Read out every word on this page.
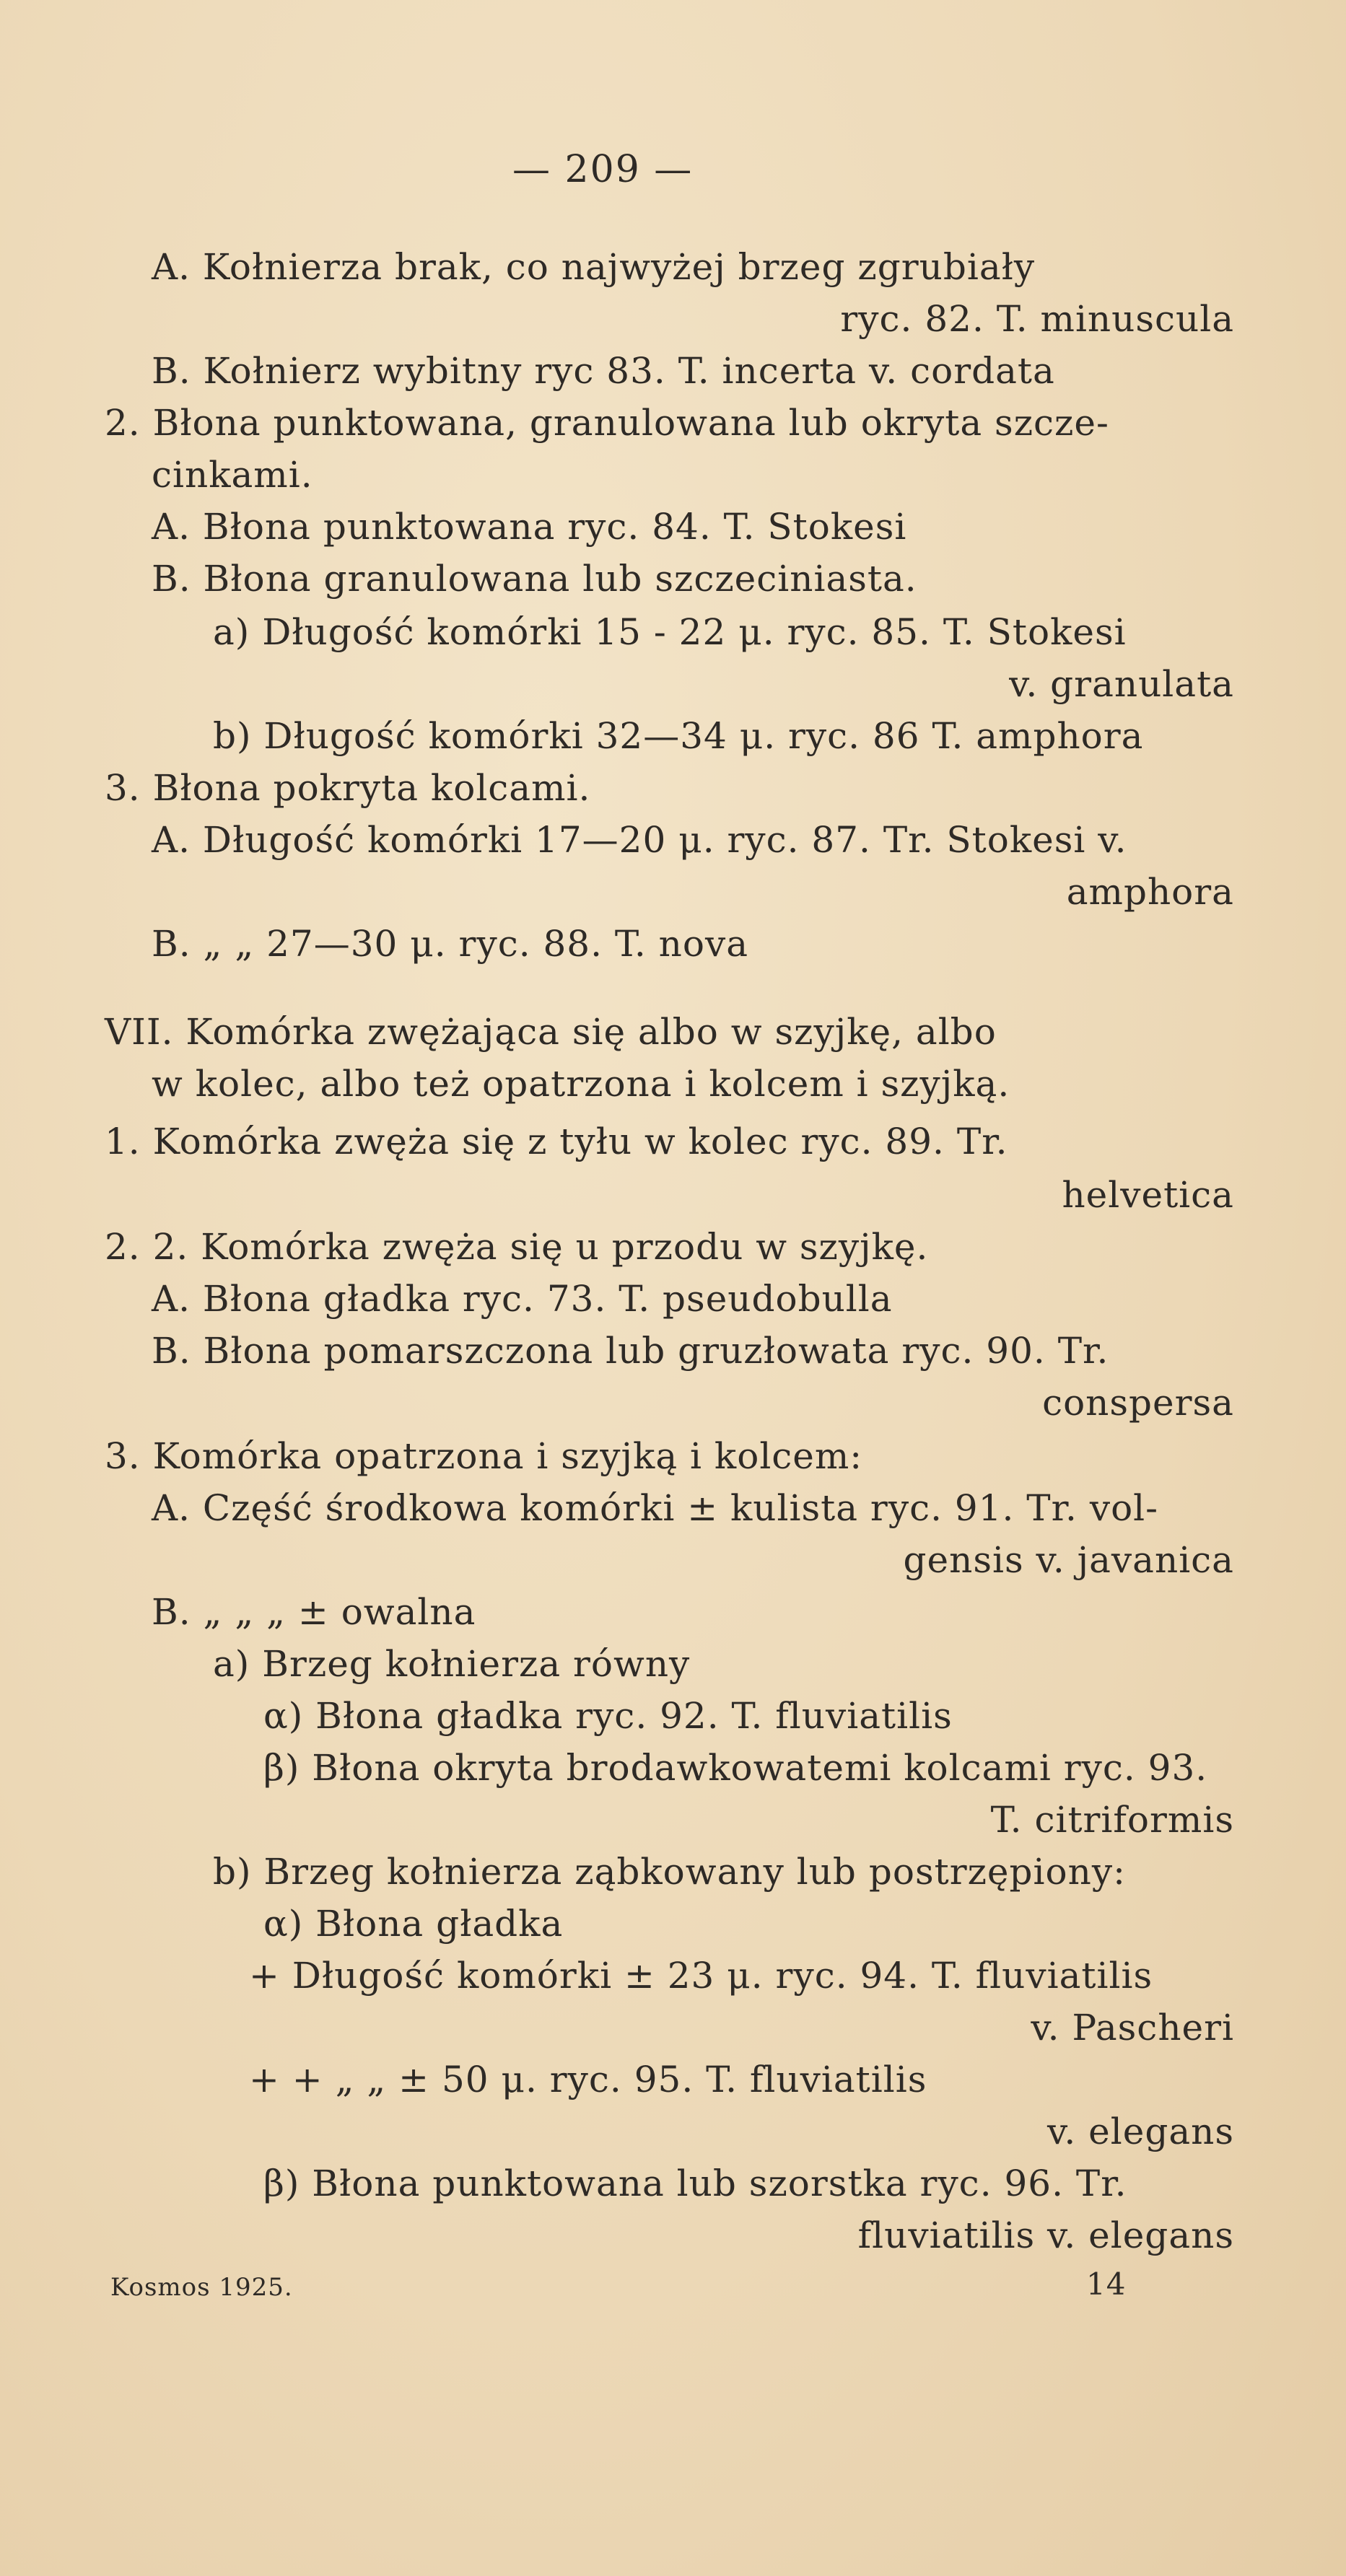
— 209 —
A. Kołnierza brak, co najwyżej brzeg zgrubiały
ryc. 82. T. minuscula
B. Kołnierz wybitny ryc 83. T. incerta v. cordata
2. Błona punktowana, granulowana lub okryta szcze-
cinkami.
A. Błona punktowana ryc. 84. T. Stokesi
B. Błona granulowana lub szczeciniasta.
a) Długość komórki 15 - 22 μ. ryc. 85. T. Stokesi
v. granulata
b) Długość komórki 32—34 μ. ryc. 86 T. amphora
3. Błona pokryta kolcami.
A. Długość komórki 17—20 μ. ryc. 87. Tr. Stokesi v.
amphora
B. „ „ 27—30 μ. ryc. 88. T. nova
VII. Komórka zwężająca się albo w szyjkę, albo
w kolec, albo też opatrzona i kolcem i szyjką.
1. Komórka zwęża się z tyłu w kolec ryc. 89. Tr.
helvetica
2. 2. Komórka zwęża się u przodu w szyjkę.
A. Błona gładka ryc. 73. T. pseudobulla
B. Błona pomarszczona lub gruzłowata ryc. 90. Tr.
conspersa
3. Komórka opatrzona i szyjką i kolcem:
A. Część środkowa komórki ± kulista ryc. 91. Tr. vol-
gensis v. javanica
B. „ „ „ ± owalna
a) Brzeg kołnierza równy
α) Błona gładka ryc. 92. T. fluviatilis
β) Błona okryta brodawkowatemi kolcami ryc. 93.
T. citriformis
b) Brzeg kołnierza ząbkowany lub postrzępiony:
α) Błona gładka
+ Długość komórki ± 23 μ. ryc. 94. T. fluviatilis
v. Pascheri
+ + „ „ ± 50 μ. ryc. 95. T. fluviatilis
v. elegans
β) Błona punktowana lub szorstka ryc. 96. Tr.
fluviatilis v. elegans
Kosmos 1925.	14
